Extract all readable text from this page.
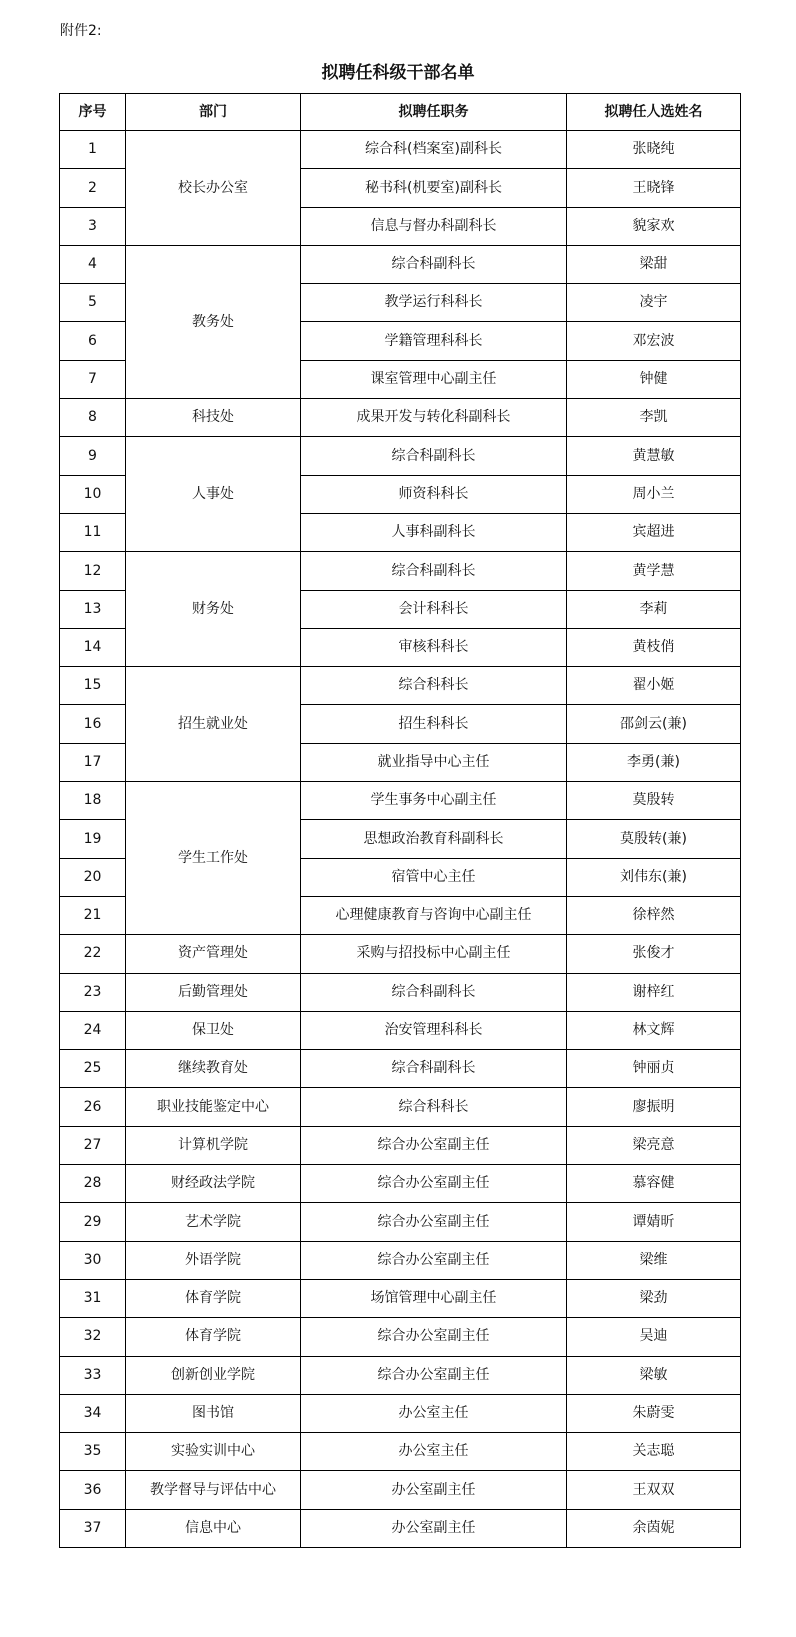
附件2:
拟聘任科级干部名单
序号	部门	拟聘任职务	拟聘任人选姓名
1	校长办公室	综合科(档案室)副科长	张晓纯
2		秘书科(机要室)副科长	王晓锋
3		信息与督办科副科长	貌家欢
4	教务处	综合科副科长	梁甜
5		教学运行科科长	凌宇
6		学籍管理科科长	邓宏波
7		课室管理中心副主任	钟健
8	科技处	成果开发与转化科副科长	李凯
9	人事处	综合科副科长	黄慧敏
10		师资科科长	周小兰
11		人事科副科长	宾超进
12	财务处	综合科副科长	黄学慧
13		会计科科长	李莉
14		审核科科长	黄枝俏
15	招生就业处	综合科科长	翟小姬
16		招生科科长	邵剑云(兼)
17		就业指导中心主任	李勇(兼)
18	学生工作处	学生事务中心副主任	莫殷转
19		思想政治教育科副科长	莫殷转(兼)
20		宿管中心主任	刘伟东(兼)
21		心理健康教育与咨询中心副主任	徐梓然
22	资产管理处	采购与招投标中心副主任	张俊才
23	后勤管理处	综合科副科长	谢梓红
24	保卫处	治安管理科科长	林文辉
25	继续教育处	综合科副科长	钟丽贞
26	职业技能鉴定中心	综合科科长	廖振明
27	计算机学院	综合办公室副主任	梁亮意
28	财经政法学院	综合办公室副主任	慕容健
29	艺术学院	综合办公室副主任	谭婧昕
30	外语学院	综合办公室副主任	梁维
31	体育学院	场馆管理中心副主任	梁劲
32	体育学院	综合办公室副主任	吴迪
33	创新创业学院	综合办公室副主任	梁敏
34	图书馆	办公室主任	朱蔚雯
35	实验实训中心	办公室主任	关志聪
36	教学督导与评估中心	办公室副主任	王双双
37	信息中心	办公室副主任	余茵妮
